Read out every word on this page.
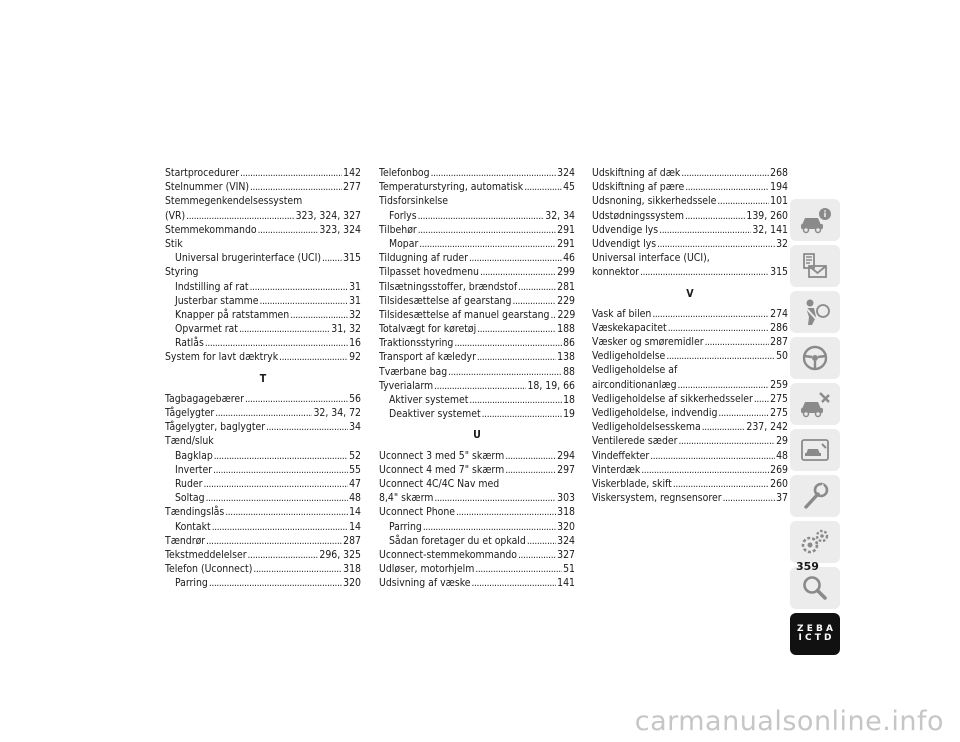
Startprocedurer . . .	142
Stelnummer (VIN) . . .	277
Stemmegenkendelsessystem
(VR) . . .	323, 324, 327
Stemmekommando . . .	323, 324
Stik
Universal brugerinterface (UCI) . . . 315
Styring
Indstilling af rat . . .	31
Justerbar stamme . . .	31
Knapper på ratstammen . . .	32
Opvarmet rat . . .	31, 32
Ratlås . . .	16
System for lavt dæktryk . . .	92
T
Tagbagagebærer . . .	56
Tågelygter . . .	32, 34, 72
Tågelygter, baglygter . . .	34
Tænd/sluk
Bagklap . . .	52
Inverter . . .	55
Ruder . . .	47
Soltag . . .	48
Tændingslås . . .	14
Kontakt . . .	14
Tændrør . . .	287
Tekstmeddelelser . . .	296, 325
Telefon (Uconnect) . . .	318
Parring . . .	320
Telefonbog . . .	324
Temperaturstyring, automatisk . . .	45
Tidsforsinkelse
Forlys . . .	32, 34
Tilbehør . . .	291
Mopar . . .	291
Tildugning af ruder . . .	46
Tilpasset hovedmenu . . .	299
Tilsætningsstoffer, brændstof . . .	281
Tilsidesættelse af gearstang . . .	229
Tilsidesættelse af manuel gearstang . . . 229
Totalvægt for køretøj . . .	188
Traktionsstyring . . .	86
Transport af kæledyr . . .	138
Tværbane bag . . .	88
Tyverialarm . . .	18, 19, 66
Aktiver systemet . . .	18
Deaktiver systemet . . .	19
U
Uconnect 3 med 5" skærm . . .	294
Uconnect 4 med 7" skærm . . .	297
Uconnect 4C/4C Nav med
8,4" skærm . . .	303
Uconnect Phone . . .	318
Parring . . .	320
Sådan foretager du et opkald . . .	324
Uconnect-stemmekommando . . .	327
Udløser, motorhjelm . . .	51
Udsivning af væske . . .	141
Udskiftning af dæk . . .	268
Udskiftning af pære . . .	194
Udsnoning, sikkerhedssele . . .	101
Udstødningssystem . . .	139, 260
Udvendige lys . . .	32, 141
Udvendigt lys . . .	32
Universal interface (UCI),
konnektor . . .	315
V
Vask af bilen . . .	274
Væskekapacitet . . .	286
Væsker og smøremidler . . .	287
Vedligeholdelse . . .	50
Vedligeholdelse af
airconditionanlæg . . .	259
Vedligeholdelse af sikkerhedsseler . . . 275
Vedligeholdelse, indvendig . . .	275
Vedligeholdelsesskema . . .	237, 242
Ventilerede sæder . . .	29
Vindeffekter . . .	48
Vinterdæk . . .	269
Viskerblade, skift . . .	260
Viskersystem, regnsensorer . . .	37
Z E B A
I C T D
359
carmanualsonline.info
